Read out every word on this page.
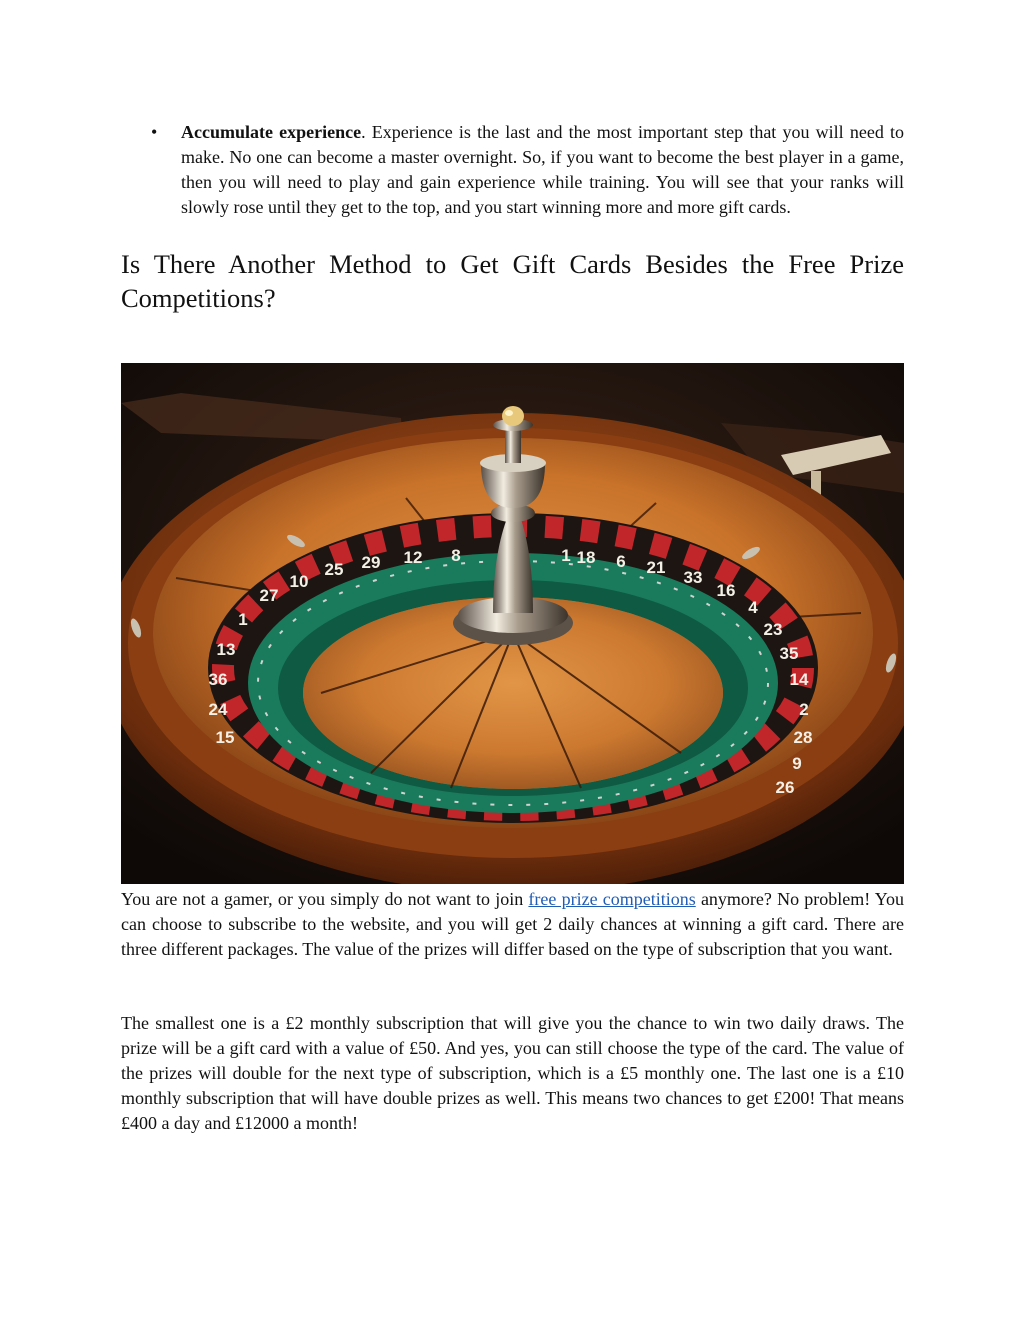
• Accumulate experience. Experience is the last and the most important step that you will need to make. No one can become a master overnight. So, if you want to become the best player in a game, then you will need to play and gain experience while training. You will see that your ranks will slowly rose until they get to the top, and you start winning more and more gift cards.
Is There Another Method to Get Gift Cards Besides the Free Prize Competitions?
27
10
25 29 12 8	1 18 6 21
33
16
4
23
35
14
1
13
36
24
15
2
28
9
26
You are not a gamer, or you simply do not want to join free prize competitions anymore? No problem! You can choose to subscribe to the website, and you will get 2 daily chances at winning a gift card. There are three different packages. The value of the prizes will differ based on the type of subscription that you want.
The smallest one is a £2 monthly subscription that will give you the chance to win two daily draws. The prize will be a gift card with a value of £50. And yes, you can still choose the type of the card. The value of the prizes will double for the next type of subscription, which is a £5 monthly one. The last one is a £10 monthly subscription that will have double prizes as well. This means two chances to get £200! That means £400 a day and £12000 a month!
